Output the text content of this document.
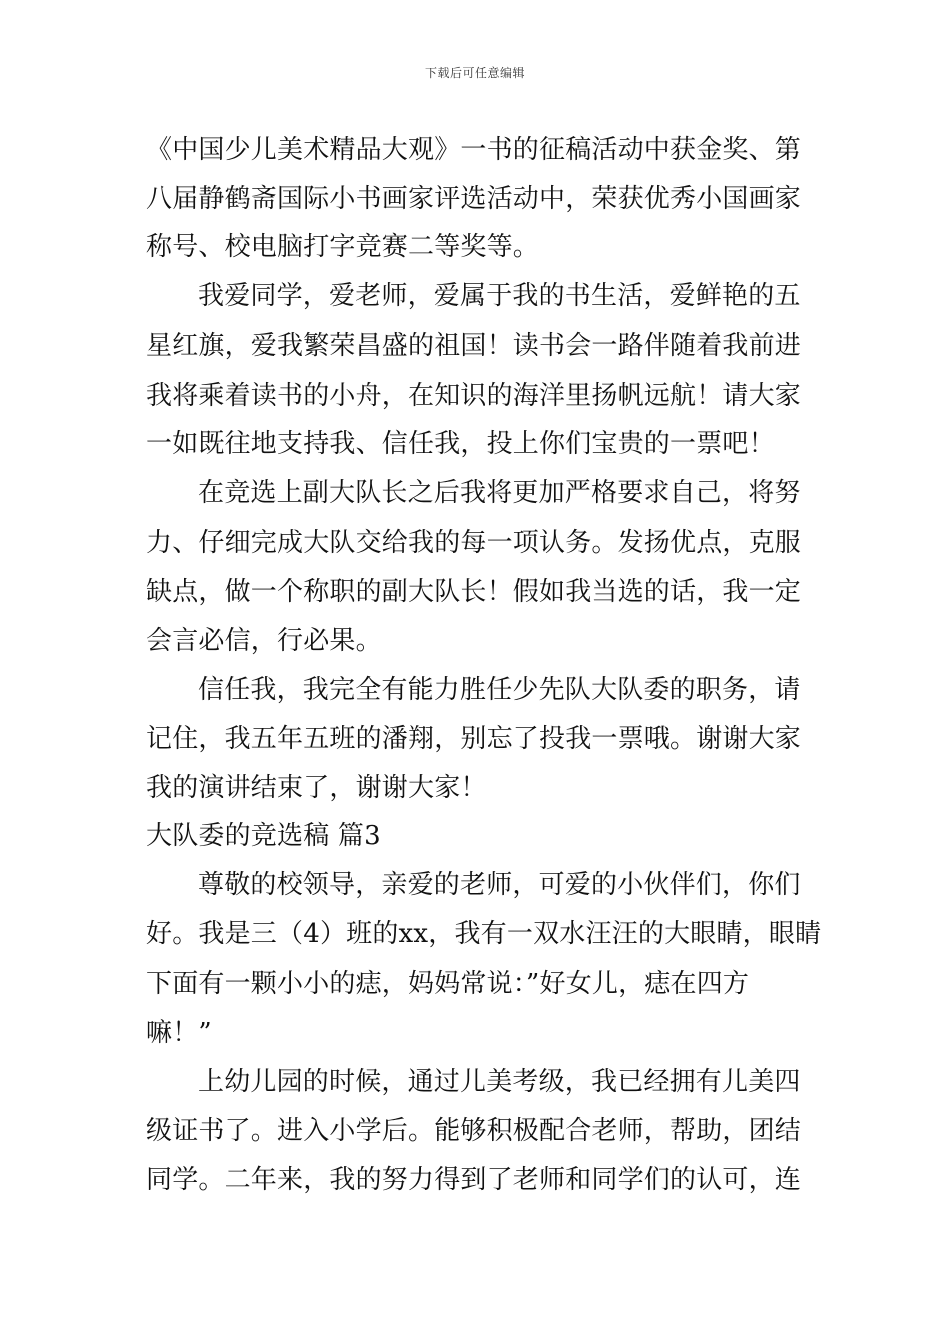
下载后可任意编辑
《中国少儿美术精品大观》一书的征稿活动中获金奖、第
八届静鹤斋国际小书画家评选活动中，荣获优秀小国画家
称号、校电脑打字竞赛二等奖等。
我爱同学，爱老师，爱属于我的书生活，爱鲜艳的五
星红旗，爱我繁荣昌盛的祖国！读书会一路伴随着我前进
我将乘着读书的小舟，在知识的海洋里扬帆远航！请大家
一如既往地支持我、信任我，投上你们宝贵的一票吧！
在竞选上副大队长之后我将更加严格要求自己，将努
力、仔细完成大队交给我的每一项认务。发扬优点，克服
缺点，做一个称职的副大队长！假如我当选的话，我一定
会言必信，行必果。
信任我，我完全有能力胜任少先队大队委的职务，请
记住，我五年五班的潘翔，别忘了投我一票哦。谢谢大家
我的演讲结束了，谢谢大家！
大队委的竞选稿 篇3
尊敬的校领导，亲爱的老师，可爱的小伙伴们，你们
好。我是三（4）班的xx，我有一双水汪汪的大眼睛，眼睛
下面有一颗小小的痣，妈妈常说：”好女儿，痣在四方
嘛！”
上幼儿园的时候，通过儿美考级，我已经拥有儿美四
级证书了。进入小学后。能够积极配合老师，帮助，团结
同学。二年来，我的努力得到了老师和同学们的认可，连
